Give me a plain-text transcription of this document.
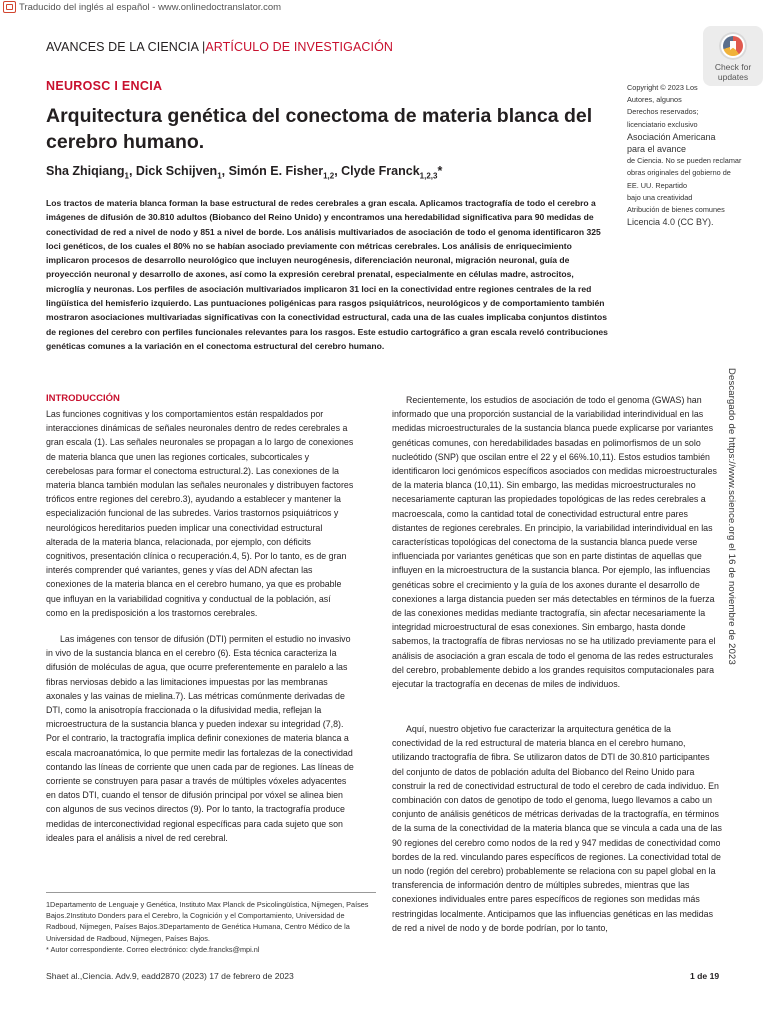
Traducido del inglés al español - www.onlinedoctranslator.com
AVANCES DE LA CIENCIA |ARTÍCULO DE INVESTIGACIÓN
Check for
updates
NEUROSC I ENCIA
Arquitectura genética del conectoma de materia blanca del cerebro humano.
Sha Zhiqiang$_1$, Dick Schijven$_1$, Simón E. Fisher$_{1,2}$, Clyde Franck$_{1,2,3}$*
Copyright © 2023 Los
Autores, algunos
Derechos reservados;
licenciatario exclusivo
Asociación Americana
para el avance
de Ciencia. No se pueden reclamar
obras originales del gobierno de
EE. UU. Repartido
bajo una creatividad
Atribución de bienes comunes
Licencia 4.0 (CC BY).
Los tractos de materia blanca forman la base estructural de redes cerebrales a gran escala. Aplicamos tractografía de todo el cerebro a imágenes de difusión de 30.810 adultos (Biobanco del Reino Unido) y encontramos una heredabilidad significativa para 90 medidas de conectividad de red a nivel de nodo y 851 a nivel de borde. Los análisis multivariados de asociación de todo el genoma identificaron 325 loci genéticos, de los cuales el 80% no se habían asociado previamente con métricas cerebrales. Los análisis de enriquecimiento implicaron procesos de desarrollo neurológico que incluyen neurogénesis, diferenciación neuronal, migración neuronal, guía de proyección neuronal y desarrollo de axones, así como la expresión cerebral prenatal, especialmente en células madre, astrocitos, microglía y neuronas. Los perfiles de asociación multivariados implicaron 31 loci en la conectividad entre regiones centrales de la red lingüística del hemisferio izquierdo. Las puntuaciones poligénicas para rasgos psiquiátricos, neurológicos y de comportamiento también mostraron asociaciones multivariadas significativas con la conectividad estructural, cada una de las cuales implicaba conjuntos distintos de regiones del cerebro con perfiles funcionales relevantes para los rasgos. Este estudio cartográfico a gran escala reveló contribuciones genéticas comunes a la variación en el conectoma estructural del cerebro humano.
Descargado de https://www.science.org el 16 de noviembre de 2023
INTRODUCCIÓN

Las funciones cognitivas y los comportamientos están respaldados por interacciones dinámicas de señales neuronales dentro de redes cerebrales a gran escala (1). Las señales neuronales se propagan a lo largo de conexiones de materia blanca que unen las regiones corticales, subcorticales y cerebelosas para formar el conectoma estructural.2). Las conexiones de la materia blanca también modulan las señales neuronales y distribuyen factores tróficos entre regiones del cerebro.3), ayudando a establecer y mantener la especialización funcional de las subredes. Varios trastornos psiquiátricos y neurológicos hereditarios pueden implicar una conectividad estructural alterada de la materia blanca, relacionada, por ejemplo, con déficits cognitivos, presentación clínica o recuperación.4, 5). Por lo tanto, es de gran interés comprender qué variantes, genes y vías del ADN afectan las conexiones de la materia blanca en el cerebro humano, ya que es probable que influyan en la variabilidad cognitiva y conductual de la población, así como en la predisposición a los trastornos cerebrales.

Las imágenes con tensor de difusión (DTI) permiten el estudio no invasivo in vivo de la sustancia blanca en el cerebro (6). Esta técnica caracteriza la difusión de moléculas de agua, que ocurre preferentemente en paralelo a las fibras nerviosas debido a las limitaciones impuestas por las membranas axonales y las vainas de mielina.7). Las métricas comúnmente derivadas de DTI, como la anisotropía fraccionada o la difusividad media, reflejan la microestructura de la sustancia blanca y pueden indexar su integridad (7,8). Por el contrario, la tractografía implica definir conexiones de materia blanca a escala macroanatómica, lo que permite medir las fortalezas de la conectividad contando las líneas de corriente que unen cada par de regiones. Las líneas de corriente se construyen para pasar a través de múltiples vóxeles adyacentes en datos DTI, cuando el tensor de difusión principal por vóxel se alinea bien con algunos de sus vecinos directos (9). Por lo tanto, la tractografía produce medidas de interconectividad regional específicas para cada sujeto que son ideales para el análisis a nivel de red cerebral.

Recientemente, los estudios de asociación de todo el genoma (GWAS) han informado que una proporción sustancial de la variabilidad interindividual en las medidas microestructurales de la sustancia blanca puede explicarse por variantes genéticas comunes, con heredabilidades basadas en polimorfismos de un solo nucleótido (SNP) que oscilan entre el 22 y el 66%.10,11). Estos estudios también identificaron loci genómicos específicos asociados con medidas microestructurales de la materia blanca (10,11). Sin embargo, las medidas microestructurales no necesariamente capturan las propiedades topológicas de las redes cerebrales a macroescala, como la cantidad total de conectividad estructural entre pares distantes de regiones cerebrales. En principio, la variabilidad interindividual en las características topológicas del conectoma de la sustancia blanca puede verse influenciada por variantes genéticas que son en parte distintas de aquellas que influyen en la microestructura de la sustancia blanca. Por ejemplo, las influencias genéticas sobre el crecimiento y la guía de los axones durante el desarrollo de conexiones a larga distancia pueden ser más detectables en términos de la fuerza de las conexiones medidas mediante tractografía, sin afectar necesariamente la integridad microestructural de esas conexiones. Sin embargo, hasta donde sabemos, la tractografía de fibras nerviosas no se ha utilizado previamente para el análisis de asociación a gran escala de todo el genoma de las redes estructurales del cerebro, probablemente debido a los grandes requisitos computacionales para ejecutar la tractografía en decenas de miles de individuos.

Aquí, nuestro objetivo fue caracterizar la arquitectura genética de la conectividad de la red estructural de materia blanca en el cerebro humano, utilizando tractografía de fibra. Se utilizaron datos de DTI de 30.810 participantes del conjunto de datos de población adulta del Biobanco del Reino Unido para construir la red de conectividad estructural de todo el cerebro de cada individuo. En combinación con datos de genotipo de todo el genoma, luego llevamos a cabo un conjunto de análisis genéticos de métricas derivadas de la tractografía, en términos de la suma de la conectividad de la materia blanca que se vincula a cada una de las 90 regiones del cerebro como nodos de la red y 947 medidas de conectividad como bordes de la red. vinculando pares específicos de regiones. La conectividad total de un nodo (región del cerebro) probablemente se relaciona con su papel global en la transferencia de información dentro de múltiples subredes, mientras que las conexiones individuales entre pares específicos de regiones son medidas más restringidas localmente. Anticipamos que las influencias genéticas en las medidas de red a nivel de nodo y de borde podrían, por lo tanto,

1Departamento de Lenguaje y Genética, Instituto Max Planck de Psicolingüística, Nijmegen, Países Bajos.2Instituto Donders para el Cerebro, la Cognición y el Comportamiento, Universidad de Radboud, Nijmegen, Países Bajos.3Departamento de Genética Humana, Centro Médico de la Universidad de Radboud, Nijmegen, Países Bajos.
* Autor correspondiente. Correo electrónico: clyde.francks@mpi.nl
Shaet al.,Ciencia. Adv.9, eadd2870 (2023) 17 de febrero de 2023	1 de 19
